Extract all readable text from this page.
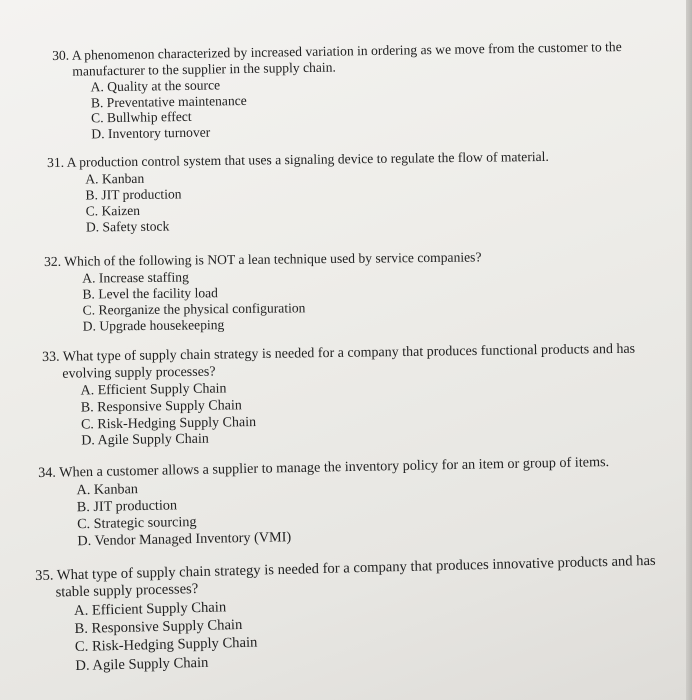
30. A phenomenon characterized by increased variation in ordering as we move from the customer to the

manufacturer to the supplier in the supply chain.

A. Quality at the source
B. Preventative maintenance
C. Bullwhip effect
D. Inventory turnover

31. A production control system that uses a signaling device to regulate the flow of material.

A. Kanban
B. JIT production
C. Kaizen
D. Safety stock

32. Which of the following is NOT a lean technique used by service companies?

A. Increase staffing
B. Level the facility load
C. Reorganize the physical configuration
D. Upgrade housekeeping

33. What type of supply chain strategy is needed for a company that produces functional products and has

evolving supply processes?

A. Efficient Supply Chain
B. Responsive Supply Chain
C. Risk-Hedging Supply Chain
D. Agile Supply Chain

34. When a customer allows a supplier to manage the inventory policy for an item or group of items.

A. Kanban
B. JIT production
C. Strategic sourcing
D. Vendor Managed Inventory (VMI)

35. What type of supply chain strategy is needed for a company that produces innovative products and has

stable supply processes?

A. Efficient Supply Chain
B. Responsive Supply Chain
C. Risk-Hedging Supply Chain
D. Agile Supply Chain
